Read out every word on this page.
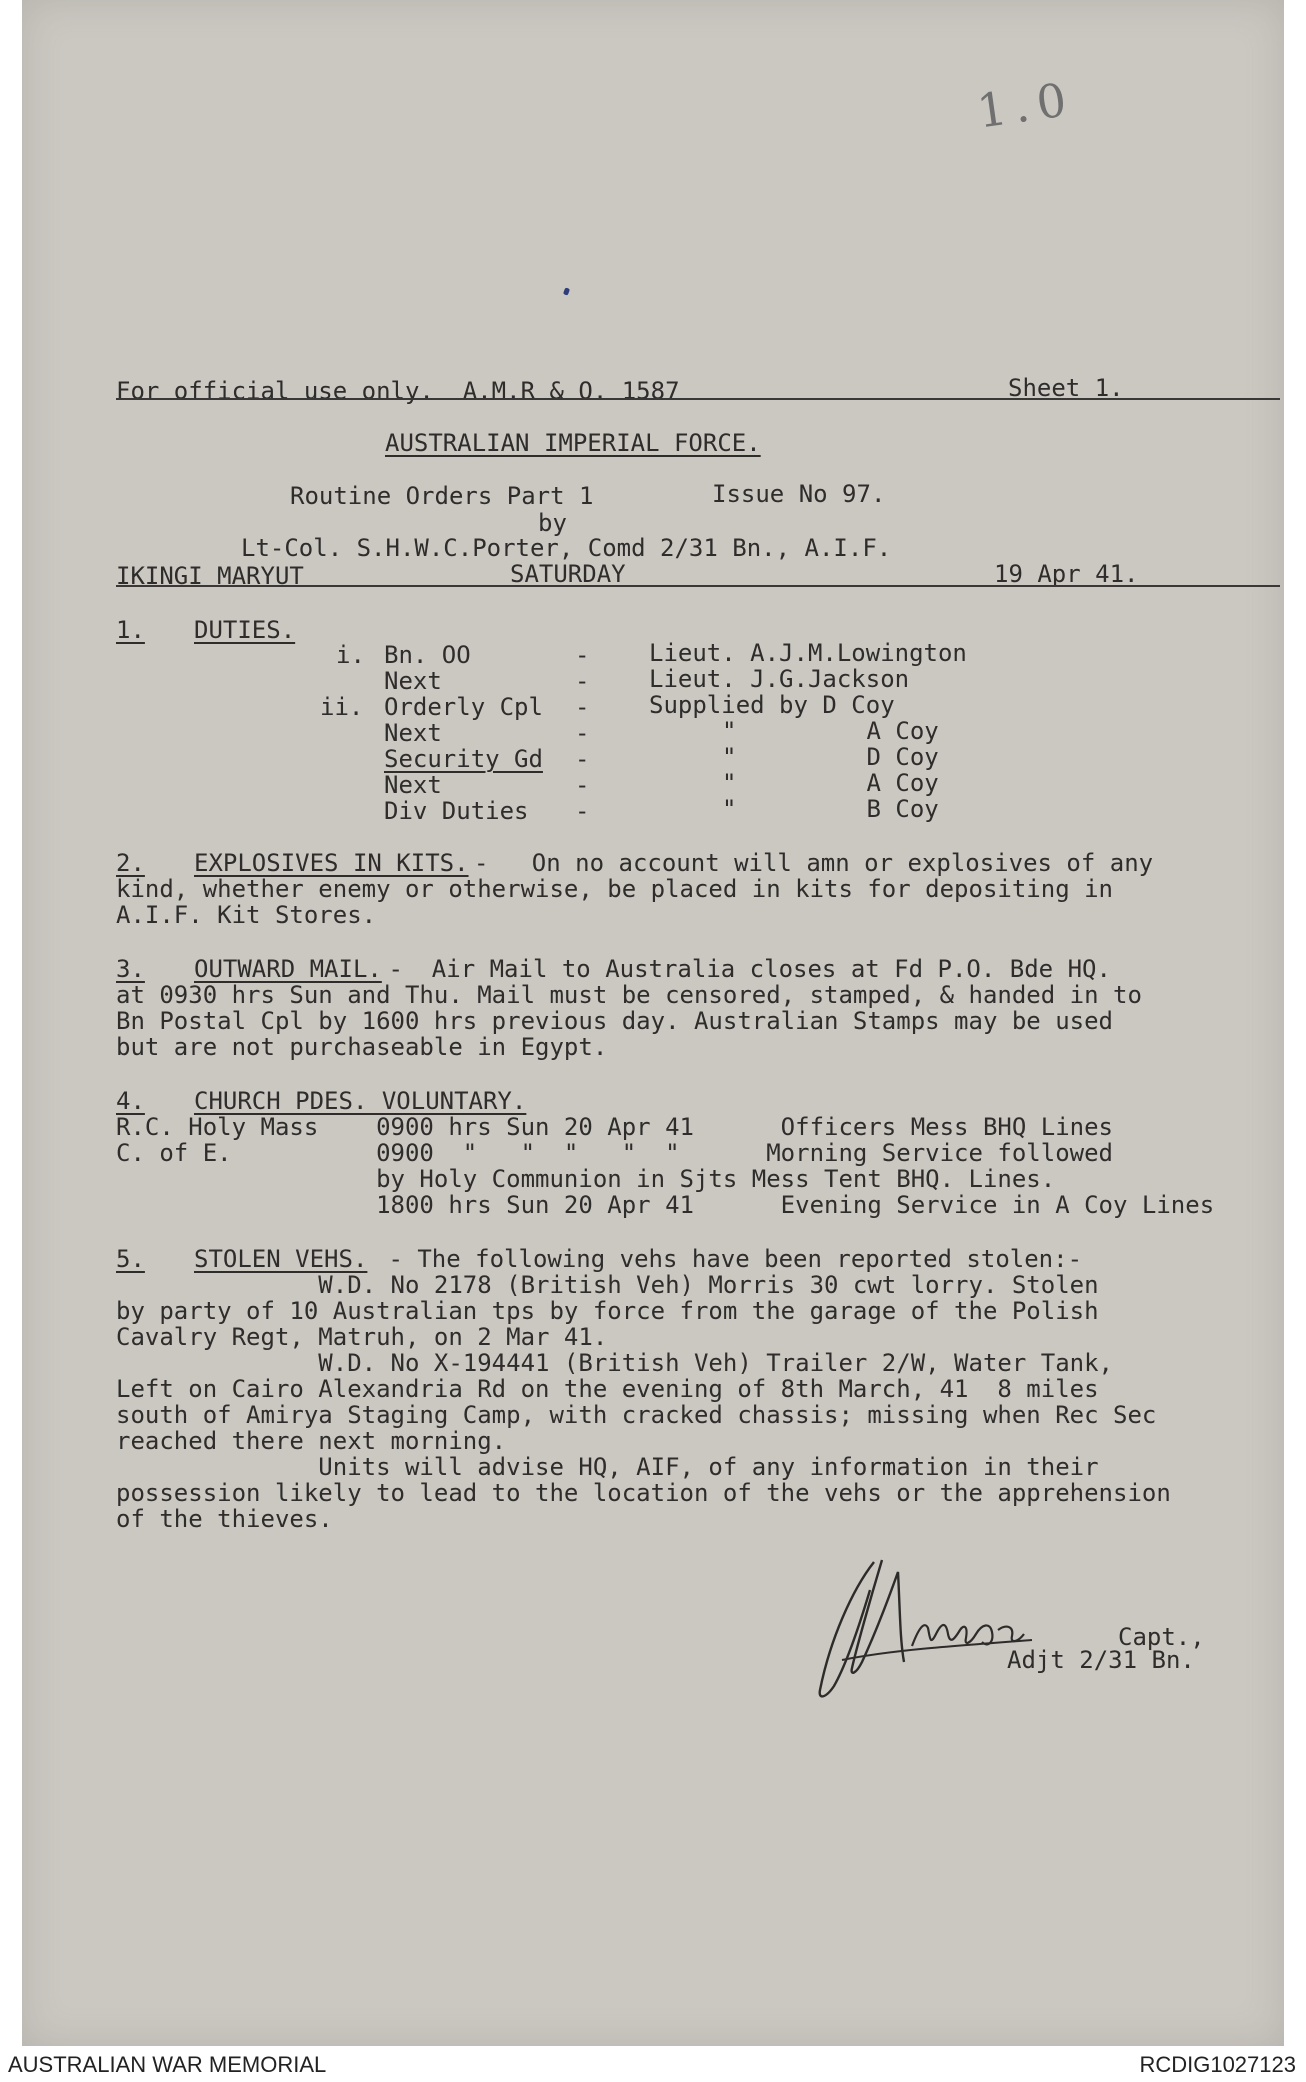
1.0
For official use only.  A.M.R & O. 1587	Sheet 1.
AUSTRALIAN IMPERIAL FORCE.
Routine Orders Part 1	Issue No 97.
by
Lt-Col. S.H.W.C.Porter, Comd 2/31 Bn., A.I.F.
IKINGI MARYUT	SATURDAY	19 Apr 41.
1. DUTIES.
i. Bn. OO	- Lieut. A.J.M.Lowington
Next	- Lieut. J.G.Jackson
ii. Orderly Cpl - Supplied by D Coy
Next	-	"         A Coy
Security Gd -	"         D Coy
Next	-	"         A Coy
Div Duties -	"         B Coy
2. EXPLOSIVES IN KITS. -   On no account will amn or explosives of any
kind, whether enemy or otherwise, be placed in kits for depositing in
A.I.F. Kit Stores.
3. OUTWARD MAIL.
-  Air Mail to Australia closes at Fd P.O. Bde HQ.
at 0930 hrs Sun and Thu. Mail must be censored, stamped, & handed in to
Bn Postal Cpl by 1600 hrs previous day. Australian Stamps may be used
but are not purchaseable in Egypt.
4. CHURCH PDES. VOLUNTARY.
R.C. Holy Mass    0900 hrs Sun 20 Apr 41      Officers Mess BHQ Lines
C. of E.          0900  "   "  "   "  "      Morning Service followed
by Holy Communion in Sjts Mess Tent BHQ. Lines.
1800 hrs Sun 20 Apr 41      Evening Service in A Coy Lines
5. STOLEN VEHS. - The following vehs have been reported stolen:-
W.D. No 2178 (British Veh) Morris 30 cwt lorry. Stolen
by party of 10 Australian tps by force from the garage of the Polish
Cavalry Regt, Matruh, on 2 Mar 41.
W.D. No X-194441 (British Veh) Trailer 2/W, Water Tank,
Left on Cairo Alexandria Rd on the evening of 8th March, 41  8 miles
south of Amirya Staging Camp, with cracked chassis; missing when Rec Sec
reached there next morning.
Units will advise HQ, AIF, of any information in their
possession likely to lead to the location of the vehs or the apprehension
of the thieves.
Capt.,
Adjt 2/31 Bn.
AUSTRALIAN WAR MEMORIAL	RCDIG1027123
